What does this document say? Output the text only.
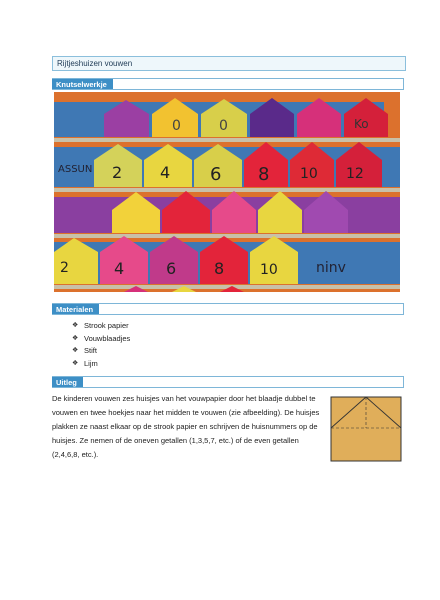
Rijtjeshuizen vouwen
Knutselwerkje
0	0	Ko
ASSUN 2 4 6 8 10 12
2	4	6 8	10	ninv
Materialen
❖ Strook papier
❖ Vouwblaadjes
❖ Stift
❖ Lijm
Uitleg
De kinderen vouwen zes huisjes van het vouwpapier door het blaadje dubbel te vouwen en twee hoekjes naar het midden te vouwen (zie afbeelding). De huisjes plakken ze naast elkaar op de strook papier en schrijven de huisnummers op de huisjes. Ze nemen of de oneven getallen (1,3,5,7, etc.) of de even getallen (2,4,6,8, etc.).
